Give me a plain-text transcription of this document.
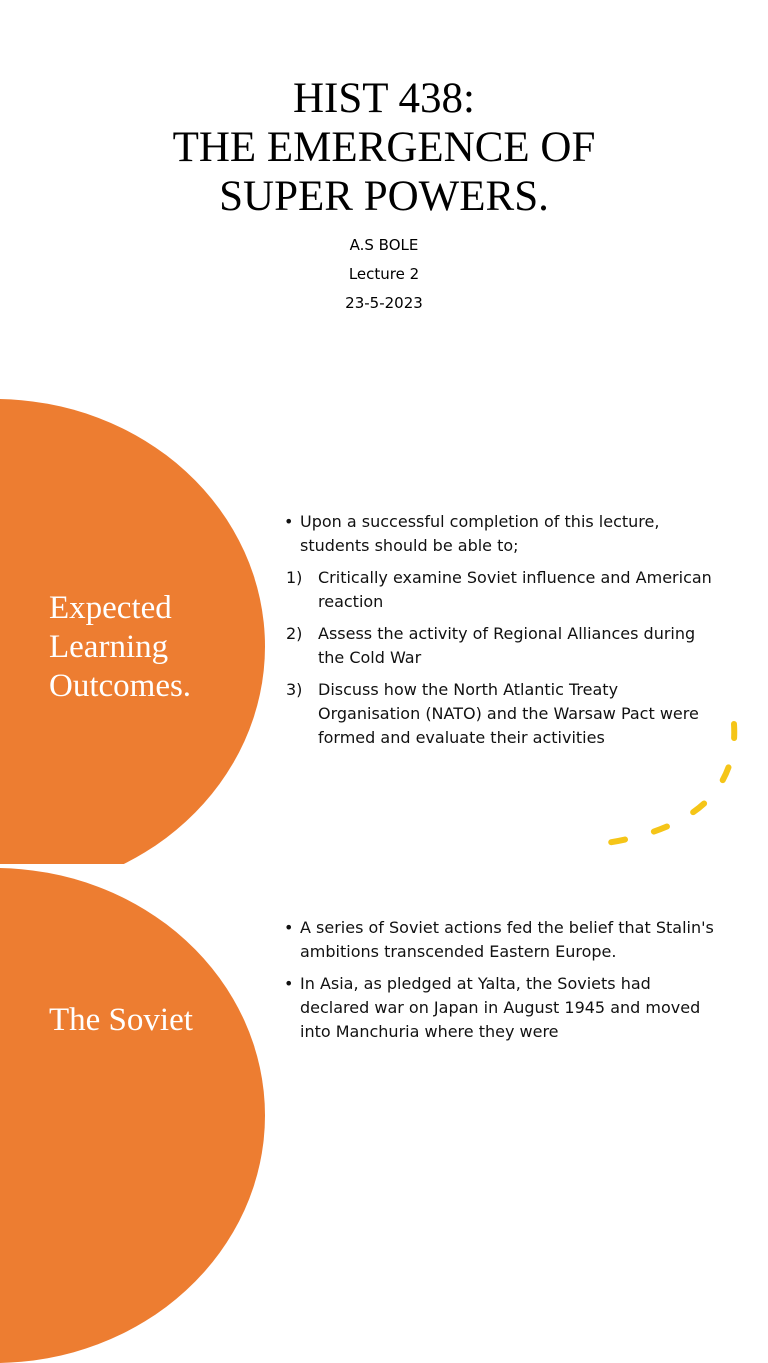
HIST 438:
THE EMERGENCE OF
SUPER POWERS.
A.S BOLE
Lecture 2
23-5-2023
Expected
Learning
Outcomes.
• Upon a successful completion of this lecture, students should be able to;
1) Critically examine Soviet influence and American reaction
2) Assess the activity of Regional Alliances during the Cold War
3) Discuss how the North Atlantic Treaty Organisation (NATO) and the Warsaw Pact were formed and evaluate their activities
The Soviet
• A series of Soviet actions fed the belief that Stalin's ambitions transcended Eastern Europe.
• In Asia, as pledged at Yalta, the Soviets had declared war on Japan in August 1945 and moved into Manchuria where they were
